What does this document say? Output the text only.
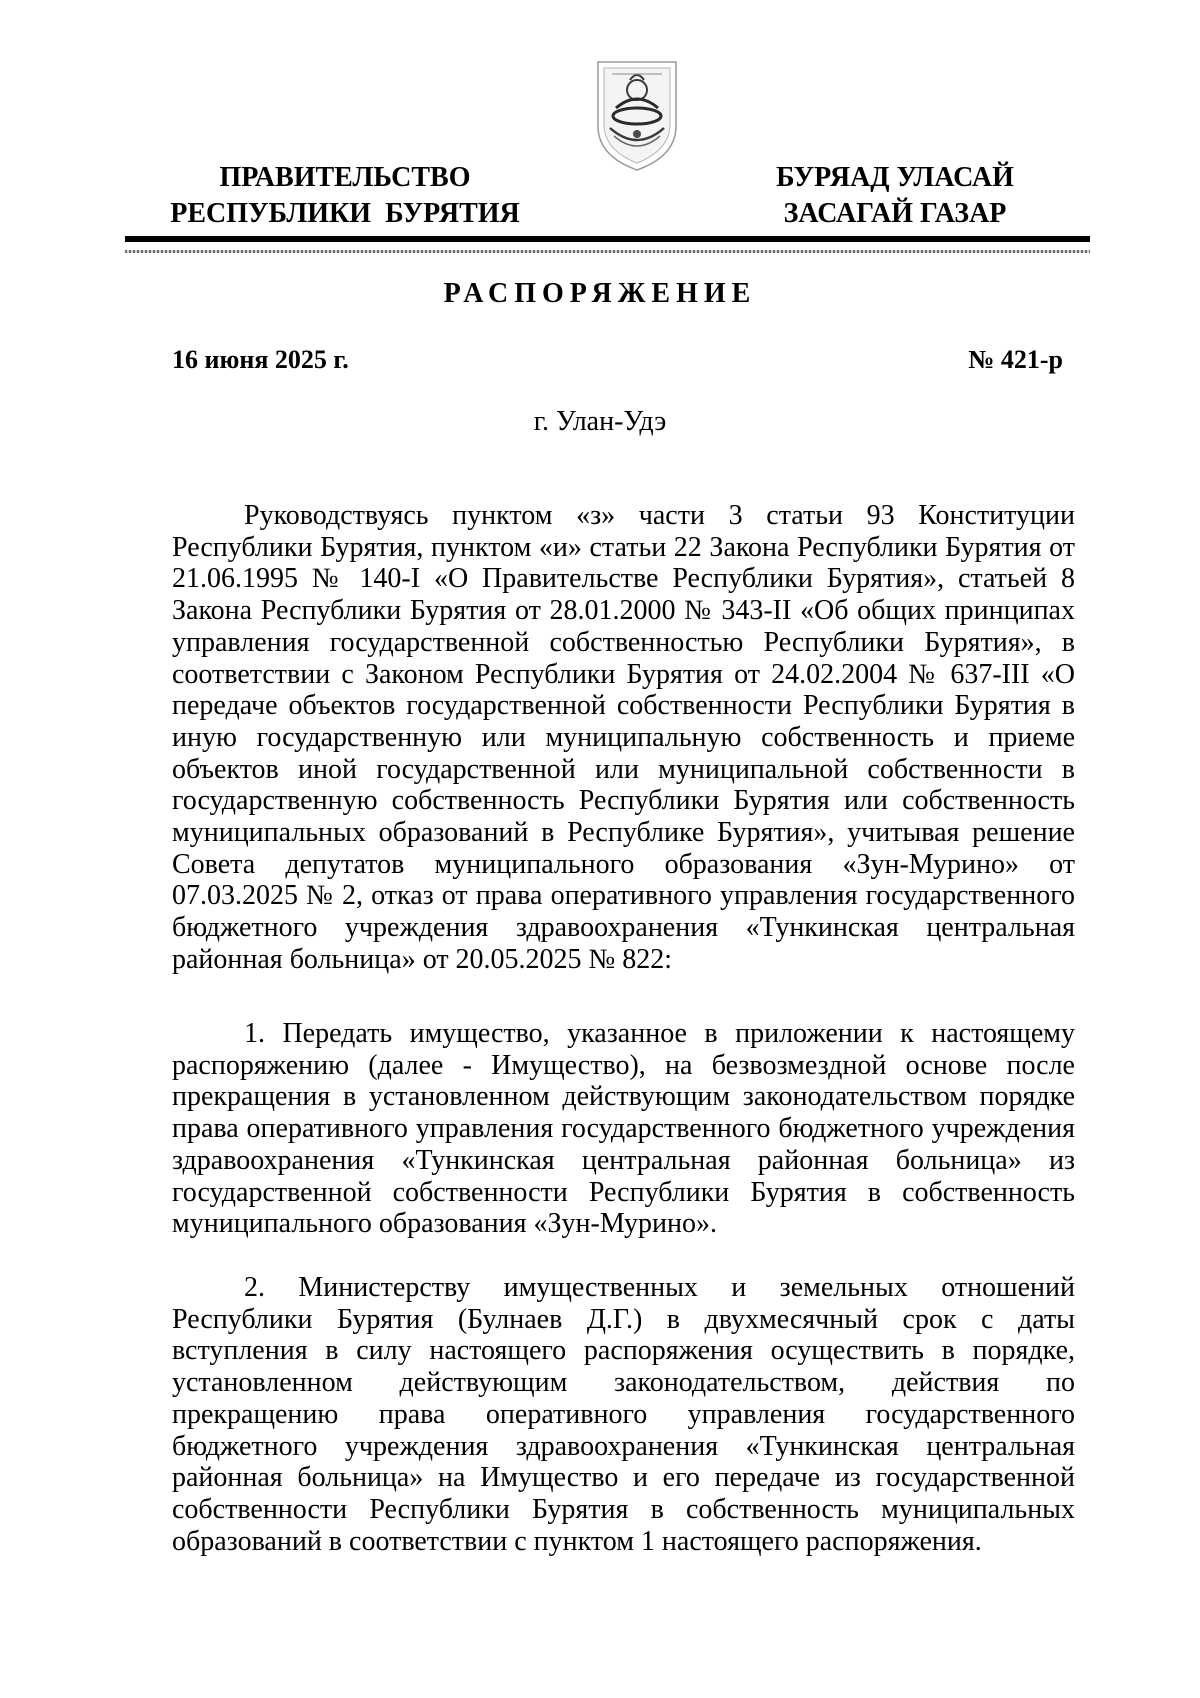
ПРАВИТЕЛЬСТВО
РЕСПУБЛИКИ  БУРЯТИЯ
БУРЯАД УЛАСАЙ
ЗАСАГАЙ ГАЗАР
РАСПОРЯЖЕНИЕ
16 июня 2025 г.	№ 421-р
г. Улан-Удэ

Руководствуясь пунктом «з» части 3 статьи 93 Конституции Республики Бурятия, пунктом «и» статьи 22 Закона Республики Бурятия от 21.06.1995 № 140-I «О Правительстве Республики Бурятия», статьей 8 Закона Республики Бурятия от 28.01.2000 № 343-II «Об общих принципах управления государственной собственностью Республики Бурятия», в соответствии с Законом Республики Бурятия от 24.02.2004 № 637-III «О передаче объектов государственной собственности Республики Бурятия в иную государственную или муниципальную собственность и приеме объектов иной государственной или муниципальной собственности в государственную собственность Республики Бурятия или собственность муниципальных образований в Республике Бурятия», учитывая решение Совета депутатов муниципального образования «Зун-Мурино» от 07.03.2025 № 2, отказ от права оперативного управления государственного бюджетного учреждения здравоохранения «Тункинская центральная районная больница» от 20.05.2025 № 822:

1. Передать имущество, указанное в приложении к настоящему распоряжению (далее - Имущество), на безвозмездной основе после прекращения в установленном действующим законодательством порядке права оперативного управления государственного бюджетного учреждения здравоохранения «Тункинская центральная районная больница» из государственной собственности Республики Бурятия в собственность муниципального образования «Зун-Мурино».

2. Министерству имущественных и земельных отношений Республики Бурятия (Булнаев Д.Г.) в двухмесячный срок с даты вступления в силу настоящего распоряжения осуществить в порядке, установленном действующим законодательством, действия по прекращению права оперативного управления государственного бюджетного учреждения здравоохранения «Тункинская центральная районная больница» на Имущество и его передаче из государственной собственности Республики Бурятия в собственность муниципальных образований в соответствии с пунктом 1 настоящего распоряжения.
